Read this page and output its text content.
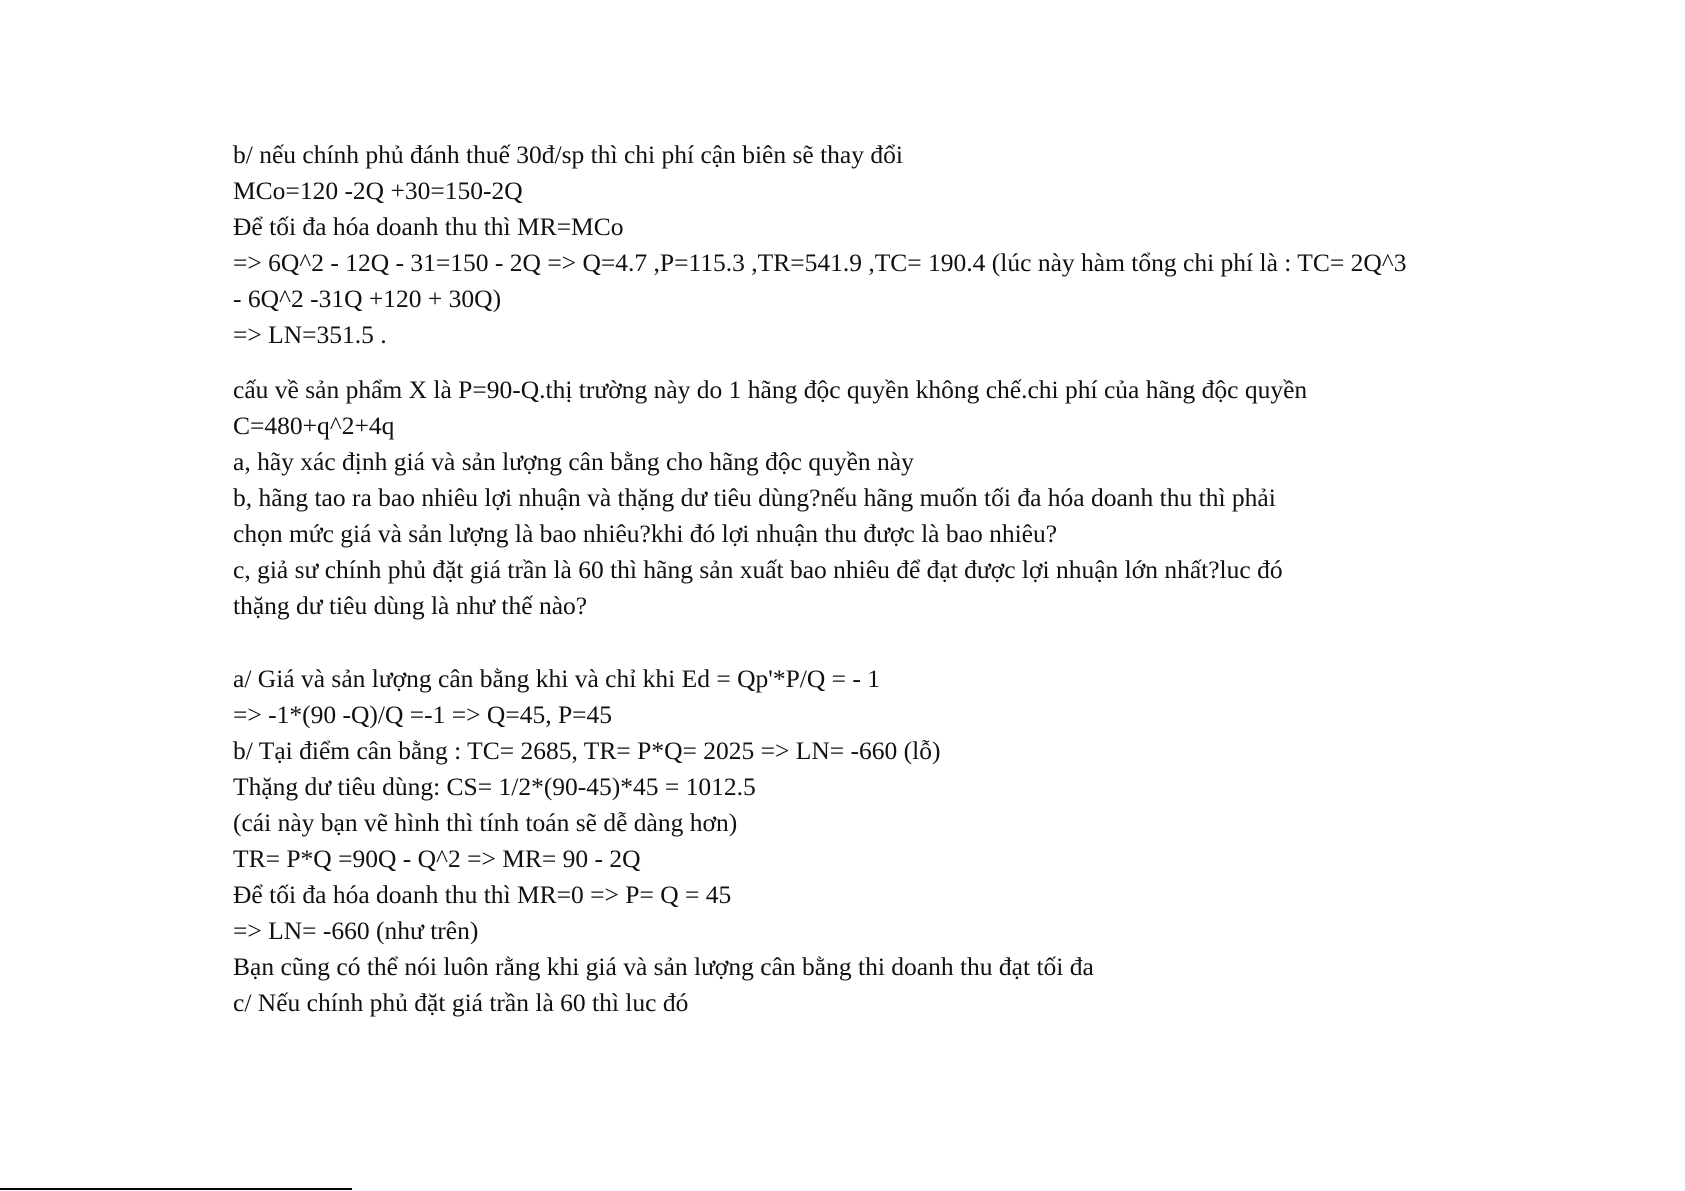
b/ nếu chính phủ đánh thuế 30đ/sp thì chi phí cận biên sẽ thay đổi

MCo=120 -2Q +30=150-2Q

Để tối đa hóa doanh thu thì MR=MCo

=> 6Q^2 - 12Q - 31=150 - 2Q => Q=4.7 ,P=115.3 ,TR=541.9 ,TC= 190.4 (lúc này hàm tổng chi phí là : TC= 2Q^3

- 6Q^2 -31Q +120 + 30Q)

=> LN=351.5 .

cấu về sản phẩm X là P=90-Q.thị trường này do 1 hãng độc quyền không chế.chi phí của hãng độc quyền

C=480+q^2+4q

a, hãy xác định giá và sản lượng cân bằng cho hãng độc quyền này

b, hãng tao ra bao nhiêu lợi nhuận và thặng dư tiêu dùng?nếu hãng muốn tối đa hóa doanh thu thì phải

chọn mức giá và sản lượng là bao nhiêu?khi đó lợi nhuận thu được là bao nhiêu?

c, giả sư chính phủ đặt giá trần là 60 thì hãng sản xuất bao nhiêu để đạt được lợi nhuận lớn nhất?luc đó

thặng dư tiêu dùng là như thế nào?

a/ Giá và sản lượng cân bằng khi và chỉ khi Ed = Qp'*P/Q = - 1

=> -1*(90 -Q)/Q =-1 => Q=45, P=45

b/ Tại điểm cân bằng : TC= 2685, TR= P*Q= 2025 => LN= -660 (lỗ)

Thặng dư tiêu dùng: CS= 1/2*(90-45)*45 = 1012.5

(cái này bạn vẽ hình thì tính toán sẽ dễ dàng hơn)

TR= P*Q =90Q - Q^2 => MR= 90 - 2Q

Để tối đa hóa doanh thu thì MR=0 => P= Q = 45

=> LN= -660 (như trên)

Bạn cũng có thể nói luôn rằng khi giá và sản lượng cân bằng thi doanh thu đạt tối đa

c/ Nếu chính phủ đặt giá trần là 60 thì luc đó
